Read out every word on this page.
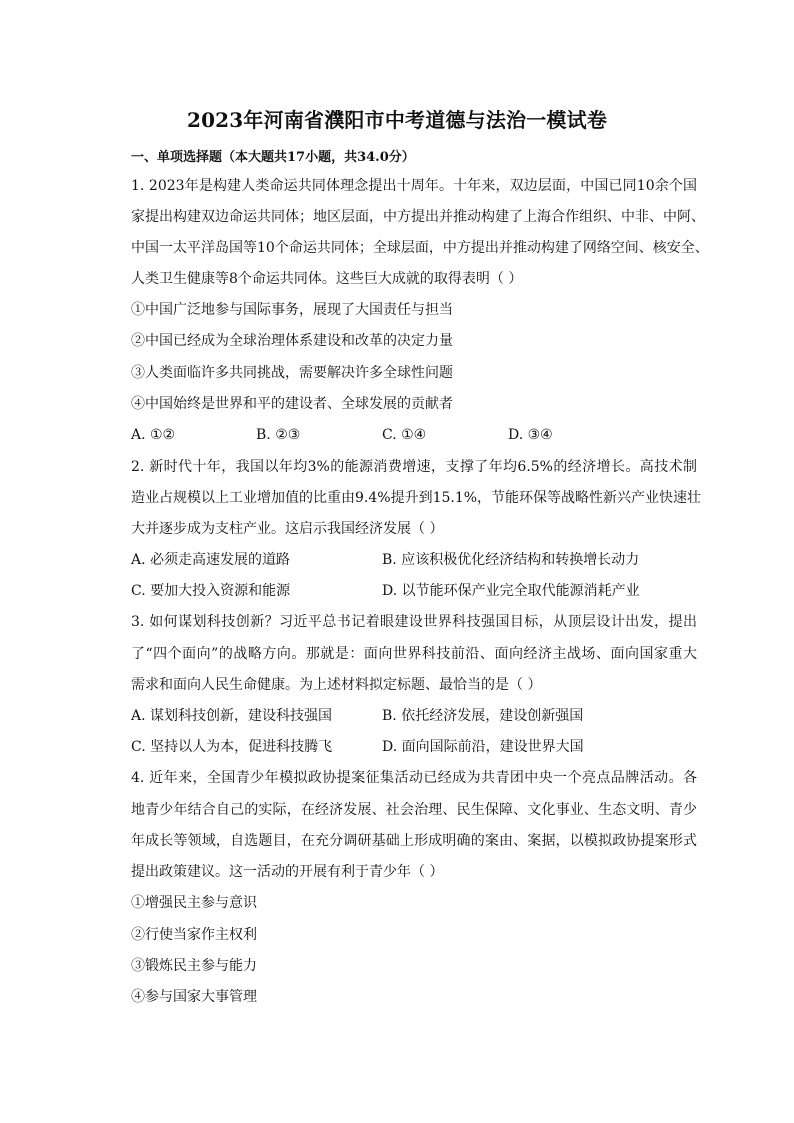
2023年河南省濮阳市中考道德与法治一模试卷
一、单项选择题（本大题共17小题，共34.0分）
1. 2023年是构建人类命运共同体理念提出十周年。十年来，双边层面，中国已同10余个国
家提出构建双边命运共同体；地区层面，中方提出并推动构建了上海合作组织、中非、中阿、
中国一太平洋岛国等10个命运共同体；全球层面，中方提出并推动构建了网络空间、核安全、
人类卫生健康等8个命运共同体。这些巨大成就的取得表明（ ）
①中国广泛地参与国际事务，展现了大国责任与担当
②中国已经成为全球治理体系建设和改革的决定力量
③人类面临许多共同挑战，需要解决许多全球性问题
④中国始终是世界和平的建设者、全球发展的贡献者
A. ①②	B. ②③	C. ①④	D. ③④
2. 新时代十年，我国以年均3%的能源消费增速，支撑了年均6.5%的经济增长。高技术制
造业占规模以上工业增加值的比重由9.4%提升到15.1%，节能环保等战略性新兴产业快速壮
大并逐步成为支柱产业。这启示我国经济发展（ ）
A. 必须走高速发展的道路	B. 应该积极优化经济结构和转换增长动力
C. 要加大投入资源和能源	D. 以节能环保产业完全取代能源消耗产业
3. 如何谋划科技创新？习近平总书记着眼建设世界科技强国目标，从顶层设计出发，提出
了“四个面向”的战略方向。那就是：面向世界科技前沿、面向经济主战场、面向国家重大
需求和面向人民生命健康。为上述材料拟定标题、最恰当的是（ ）
A. 谋划科技创新，建设科技强国	B. 依托经济发展，建设创新强国
C. 坚持以人为本，促进科技腾飞	D. 面向国际前沿，建设世界大国
4. 近年来，全国青少年模拟政协提案征集活动已经成为共青团中央一个亮点品牌活动。各
地青少年结合自己的实际，在经济发展、社会治理、民生保障、文化事业、生态文明、青少
年成长等领域，自选题目，在充分调研基础上形成明确的案由、案据，以模拟政协提案形式
提出政策建议。这一活动的开展有利于青少年（ ）
①增强民主参与意识
②行使当家作主权利
③锻炼民主参与能力
④参与国家大事管理
